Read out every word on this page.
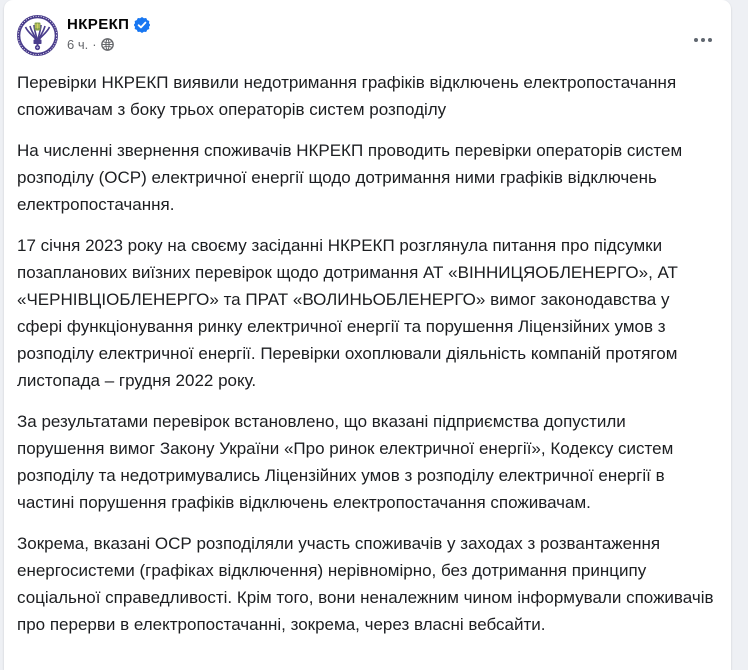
НКРЕКП
6 ч. ·

Перевірки НКРЕКП виявили недотримання графіків відключень електропостачання споживачам з боку трьох операторів систем розподілу

На численні звернення споживачів НКРЕКП проводить перевірки операторів систем розподілу (ОСР) електричної енергії щодо дотримання ними графіків відключень електропостачання.

17 січня 2023 року на своєму засіданні НКРЕКП розглянула питання про підсумки позапланових виїзних перевірок щодо дотримання АТ «ВІННИЦЯОБЛЕНЕРГО», АТ «ЧЕРНІВЦІОБЛЕНЕРГО» та ПРАТ «ВОЛИНЬОБЛЕНЕРГО» вимог законодавства у сфері функціонування ринку електричної енергії та порушення Ліцензійних умов з розподілу електричної енергії. Перевірки охоплювали діяльність компаній протягом листопада – грудня 2022 року.

За результатами перевірок встановлено, що вказані підприємства допустили порушення вимог Закону України «Про ринок електричної енергії», Кодексу систем розподілу та недотримувались Ліцензійних умов з розподілу електричної енергії в частині порушення графіків відключень електропостачання споживачам.

Зокрема, вказані ОСР розподіляли участь споживачів у заходах з розвантаження енергосистеми (графіках відключення) нерівномірно, без дотримання принципу соціальної справедливості. Крім того, вони неналежним чином інформували споживачів про перерви в електропостачанні, зокрема, через власні вебсайти.
